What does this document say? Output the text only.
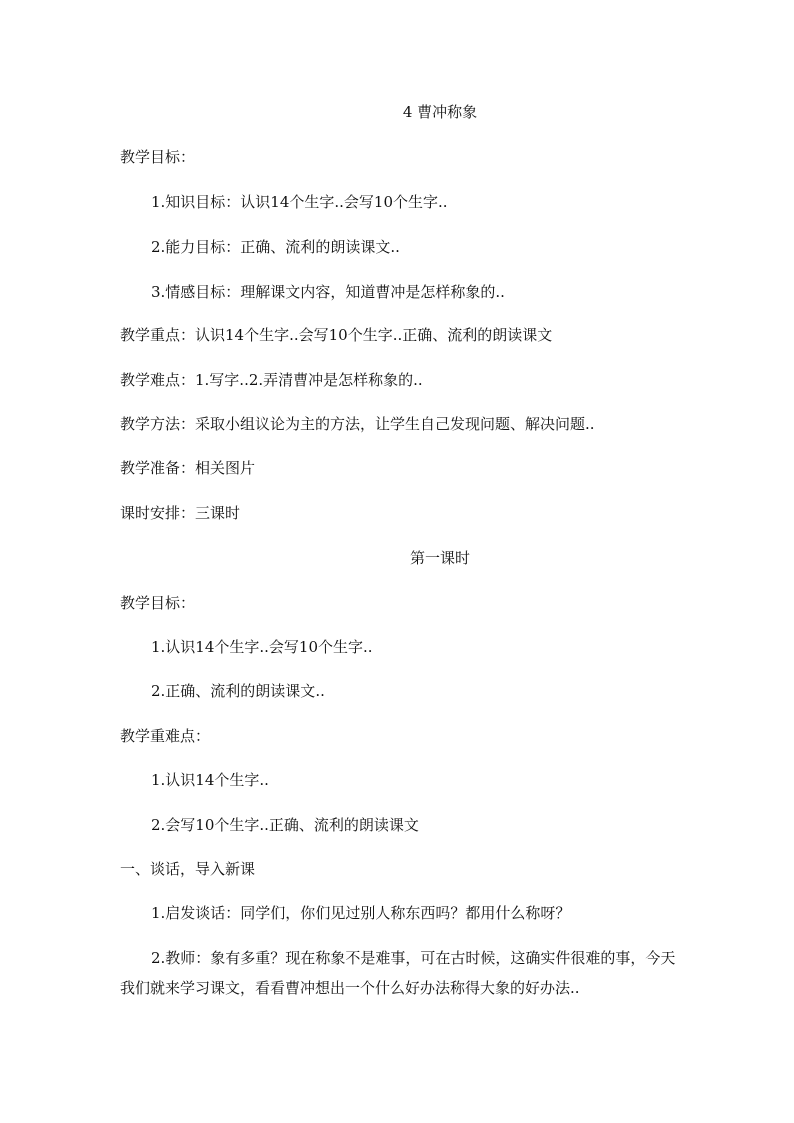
4 曹冲称象
教学目标：
1.知识目标：认识14个生字..会写10个生字..
2.能力目标：正确、流利的朗读课文..
3.情感目标：理解课文内容，知道曹冲是怎样称象的..
教学重点：认识14个生字..会写10个生字..正确、流利的朗读课文
教学难点：1.写字..2.弄清曹冲是怎样称象的..
教学方法：采取小组议论为主的方法，让学生自己发现问题、解决问题..
教学准备：相关图片
课时安排：三课时
第一课时
教学目标：
1.认识14个生字..会写10个生字..
2.正确、流利的朗读课文..
教学重难点：
1.认识14个生字..
2.会写10个生字..正确、流利的朗读课文
一、谈话，导入新课
1.启发谈话：同学们，你们见过别人称东西吗？都用什么称呀？
2.教师：象有多重？现在称象不是难事，可在古时候，这确实件很难的事，今天我们就来学习课文，看看曹冲想出一个什么好办法称得大象的好办法..
